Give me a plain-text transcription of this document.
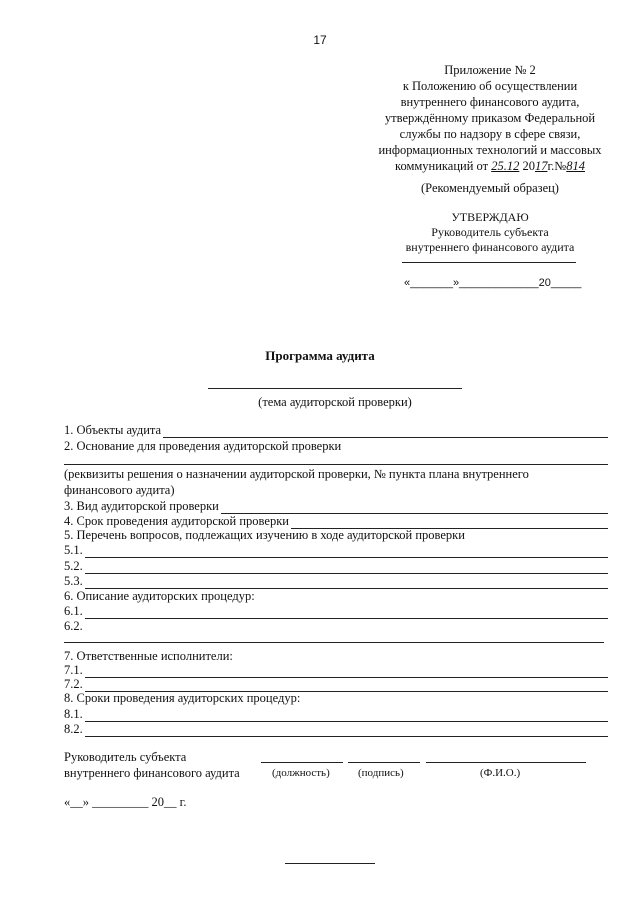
17
Приложение № 2
к Положению об осуществлении
внутреннего финансового аудита,
утверждённому приказом Федеральной
службы по надзору в сфере связи,
информационных технологий и массовых
коммуникаций от 25.12 2017г.№814
(Рекомендуемый образец)
УТВЕРЖДАЮ
Руководитель субъекта
внутреннего финансового аудита
«_______»_____________20_____
Программа аудита
(тема аудиторской проверки)
1. Объекты аудита
2. Основание для проведения аудиторской проверки
(реквизиты решения о назначении аудиторской проверки, № пункта плана внутреннего
финансового аудита)
3. Вид аудиторской проверки
4. Срок проведения аудиторской проверки
5. Перечень вопросов, подлежащих изучению в ходе аудиторской проверки
5.1.
5.2.
5.3.
6. Описание аудиторских процедур:
6.1.
6.2.
7. Ответственные исполнители:
7.1.
7.2.
8. Сроки проведения аудиторских процедур:
8.1.
8.2.
Руководитель субъекта
внутреннего финансового аудита	(должность)	(подпись)	(Ф.И.О.)
«__» _________ 20__ г.
